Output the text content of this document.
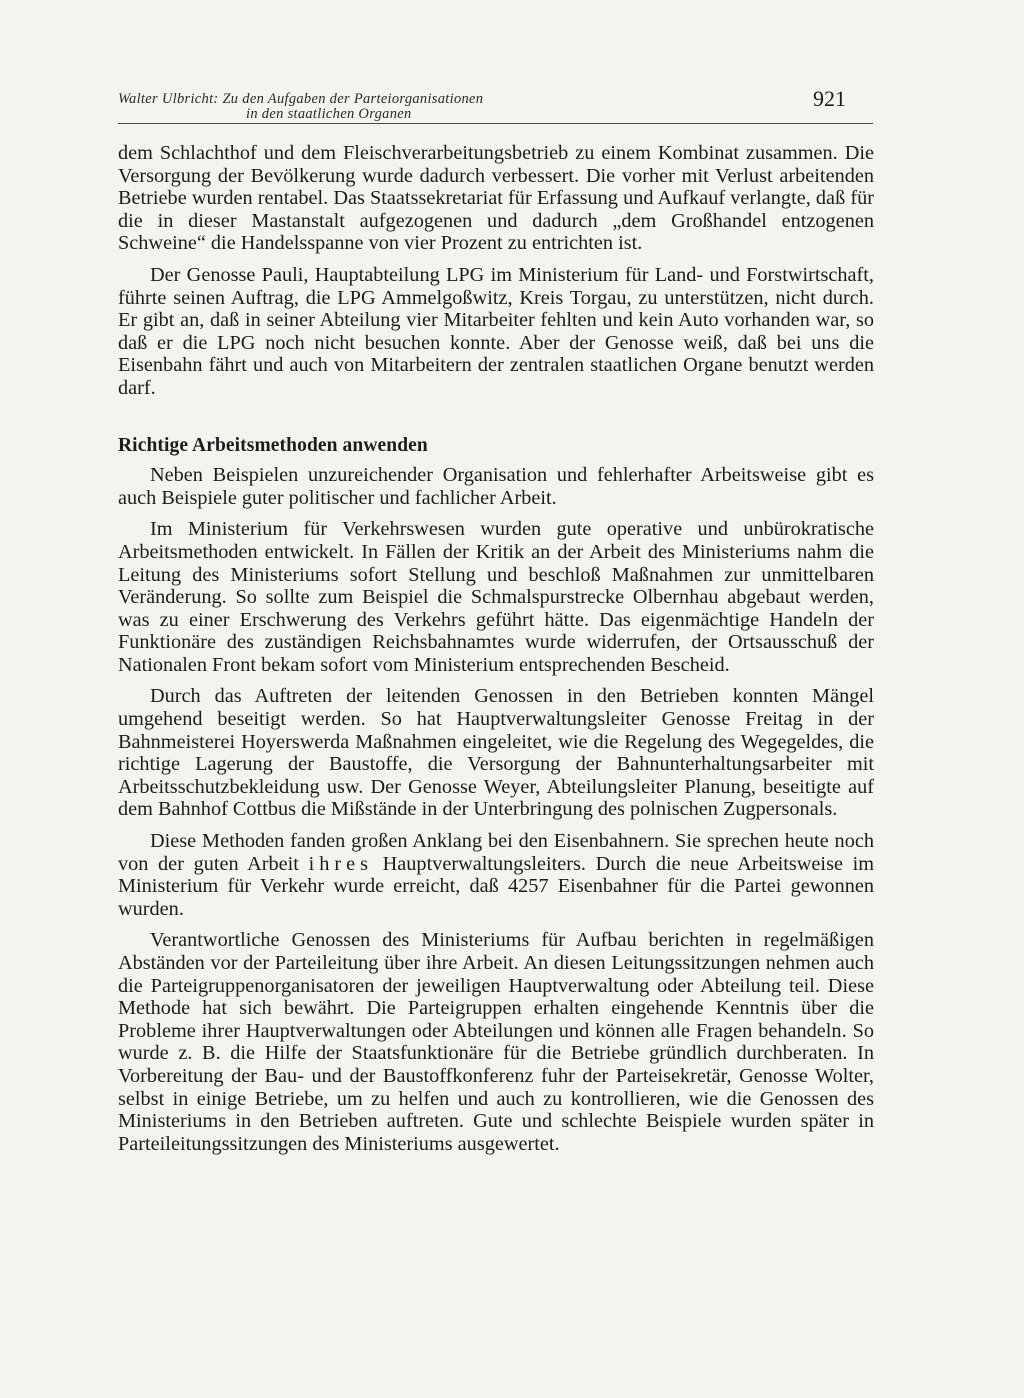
Walter Ulbricht: Zu den Aufgaben der Parteiorganisationen
in den staatlichen Organen
921

dem Schlachthof und dem Fleischverarbeitungsbetrieb zu einem Kombinat zusammen. Die Versorgung der Bevölkerung wurde dadurch verbessert. Die vorher mit Verlust arbeitenden Betriebe wurden rentabel. Das Staatssekretariat für Erfassung und Aufkauf verlangte, daß für die in dieser Mastanstalt aufgezogenen und dadurch „dem Großhandel entzogenen Schweine“ die Handelsspanne von vier Prozent zu entrichten ist.

Der Genosse Pauli, Hauptabteilung LPG im Ministerium für Land- und Forstwirtschaft, führte seinen Auftrag, die LPG Ammelgoßwitz, Kreis Torgau, zu unterstützen, nicht durch. Er gibt an, daß in seiner Abteilung vier Mitarbeiter fehlten und kein Auto vorhanden war, so daß er die LPG noch nicht besuchen konnte. Aber der Genosse weiß, daß bei uns die Eisenbahn fährt und auch von Mitarbeitern der zentralen staatlichen Organe benutzt werden darf.

Richtige Arbeitsmethoden anwenden

Neben Beispielen unzureichender Organisation und fehlerhafter Arbeitsweise gibt es auch Beispiele guter politischer und fachlicher Arbeit.

Im Ministerium für Verkehrswesen wurden gute operative und unbürokratische Arbeitsmethoden entwickelt. In Fällen der Kritik an der Arbeit des Ministeriums nahm die Leitung des Ministeriums sofort Stellung und beschloß Maßnahmen zur unmittelbaren Veränderung. So sollte zum Beispiel die Schmalspurstrecke Olbernhau abgebaut werden, was zu einer Erschwerung des Verkehrs geführt hätte. Das eigenmächtige Handeln der Funktionäre des zuständigen Reichsbahnamtes wurde widerrufen, der Ortsausschuß der Nationalen Front bekam sofort vom Ministerium entsprechenden Bescheid.

Durch das Auftreten der leitenden Genossen in den Betrieben konnten Mängel umgehend beseitigt werden. So hat Hauptverwaltungsleiter Genosse Freitag in der Bahnmeisterei Hoyerswerda Maßnahmen eingeleitet, wie die Regelung des Wegegeldes, die richtige Lagerung der Baustoffe, die Versorgung der Bahnunterhaltungsarbeiter mit Arbeitsschutzbekleidung usw. Der Genosse Weyer, Abteilungsleiter Planung, beseitigte auf dem Bahnhof Cottbus die Mißstände in der Unterbringung des polnischen Zugpersonals.

Diese Methoden fanden großen Anklang bei den Eisenbahnern. Sie sprechen heute noch von der guten Arbeit ihres Hauptverwaltungsleiters. Durch die neue Arbeitsweise im Ministerium für Verkehr wurde erreicht, daß 4257 Eisenbahner für die Partei gewonnen wurden.

Verantwortliche Genossen des Ministeriums für Aufbau berichten in regelmäßigen Abständen vor der Parteileitung über ihre Arbeit. An diesen Leitungssitzungen nehmen auch die Parteigruppenorganisatoren der jeweiligen Hauptverwaltung oder Abteilung teil. Diese Methode hat sich bewährt. Die Parteigruppen erhalten eingehende Kenntnis über die Probleme ihrer Hauptverwaltungen oder Abteilungen und können alle Fragen behandeln. So wurde z. B. die Hilfe der Staatsfunktionäre für die Betriebe gründlich durchberaten. In Vorbereitung der Bau- und der Baustoffkonferenz fuhr der Parteisekretär, Genosse Wolter, selbst in einige Betriebe, um zu helfen und auch zu kontrollieren, wie die Genossen des Ministeriums in den Betrieben auftreten. Gute und schlechte Beispiele wurden später in Parteileitungssitzungen des Ministeriums ausgewertet.
